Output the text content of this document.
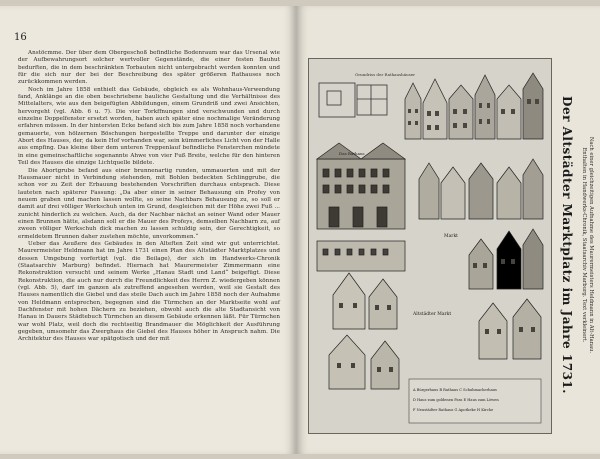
16

Anstöcmme. Der über dem Obergeschoß befindliche Bodenraum war das Ursenal wie der Aufbewahrungsort solcher wertvoller Gegenstände, die einer festen Bauhut bedurften, die in dem beschränkten Torbauten nicht untergebracht werden konnten und für die sich nur der bei der Beschreibung des später größeren Rathauses noch zurückkommen werden.

Noch im Jahre 1858 enthielt das Gebäude, obgleich es als Wohnhaus-Verwendung fand, Anklänge an die oben beschriebene bauliche Gestaltung und die Verhältnisse des Mittelalters, wie aus den beigefügten Abbildungen, einem Grundriß und zwei Ansichten, hervorgeht (vgl. Abb. 6 u. 7). Die vier Torkffnungen sind verschwunden und durch einzelne Doppelfenster ersetzt worden, haben auch später eine nochmalige Veränderung erfahren müssen. In der hintersten Ecke befand sich bis zum Jahre 1858 noch vorhandene gemauerte, von hölzernen Böschungen hergestellte Treppe und darunter der einzige Abort des Hauses, der, da kein Hof vorhanden war, sein kümmerliches Licht von der Halle aus empfing. Das kleine über dem unteren Treppenlauf befindliche Fensterchen mündete in eine gemeinschaftliche sogenannte Ahwe von vier Fuß Breite, welche für den hinteren Teil des Hauses die einzige Lichtquelle bildete.

Die Abortgrube befand aus einer brunnenartig runden, ummauerten und mit der Hausmauer nicht in Verbindung stehenden, mit Bohlen bedeckten Schlinggrube, die schon vor zu Zeit der Erbauung bestehenden Vorschriften durchaus entsprach. Diese lauteten nach späterer Fassung: „Da aber einer in seiner Behausung ein Profey von neuem graben und machen lassen wollte, so seine Nachbars Behausung zu, so soll er damit auf drei völliger Werkschuh unten im Grund, desgleichen mit der Höhe zwei Fuß ... zunicht hinderlich zu welchen. Auch, da der Nachbar nächst an seiner Wand oder Mauer einen Brunnen hätte, alsdann soll er die Mauer des Profeys, demselben Nachbarn zu, auf zween völliger Werkschuh dick machen zu lassen schuldig sein, der Gerechtigkeit, so ermeldetem Brunnen daher zustehen möchte, unvorkommen.“

Ueber das Aeußere des Gebäudes in den Alteften Zeit sind wir gut unterrichtet. Maurermeister Heldmann hat im Jahre 1731 einen Plan des Altstädter Marktplatzes und dessen Umgebung vorfertigt (vgl. die Beilage), der sich im Handwerks-Chronik (Staatsarchiv Marburg) befindet. Hiernach hat Maurermeister Zimmermann eine Rekonstruktion versucht und seinem Werke „Hanau Stadt und Land“ beigefügt. Diese Rekonstruktion, die auch nur durch die Freundlichkeit des Herrn Z. wiedergeben können (vgl. Abb. 5), darf im ganzen als zutreffend angesehen werden, weil sie Gestalt des Hauses namentlich die Giebel und das steile Dach auch im Jahre 1858 noch der Aufnahme von Heldmann entsprechen, begegnen sind die Türmchen an der Marktseite wohl auf Dachfenster mit hohen Dächern zu beziehen, obwohl auch die alte Stadtansicht von Hanau in Dauers Städtebuch Türmchen an diesem Gebäude erkennen läßt. Für Türmchen war wohl Platz, weil doch die rechtseitig Brandmauer die Möglichkeit der Ausführung gegeben, umsomehr das Zwerghaus die Giebel des Hauses höher in Anspruch nahm. Die Architektur des Hauses war spätgotisch und der mit

Grundriss der Rathaushäuser
Das Rathaus
Markt
Altstädter Markt
A Bürgerhaus B Rathaus C Schuhmacherhaus
D Haus zum goldenen Fass E Haus zum Löwen
F Neustädter Rathaus G Apotheke H Kirche
Der Altstädter Marktplatz im Jahre 1731.	Nach einer gleichzeitigen Aufnahme des Maurermeisters Heldmann in Alt-Hanau.
Enthalten in Handwerks-Chronik, Staatsarchiv Marburg. Text verkleinert.
